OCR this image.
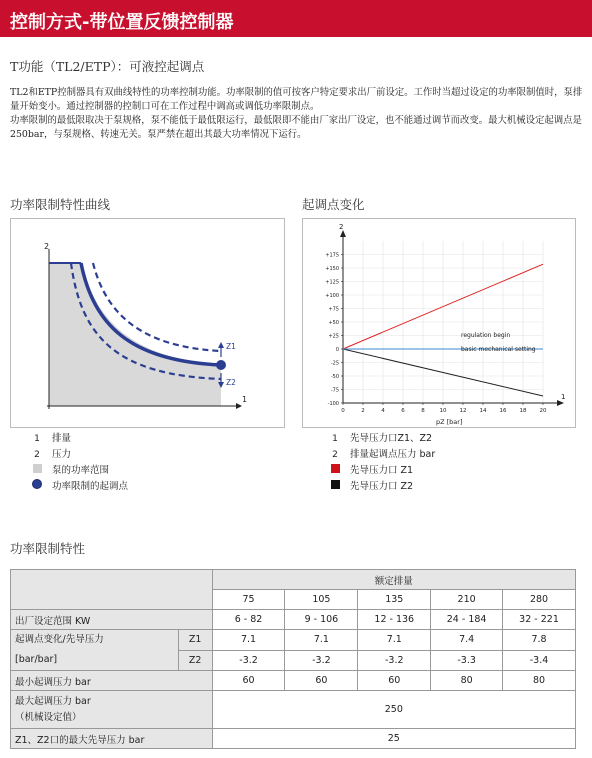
控制方式-带位置反馈控制器
T功能（TL2/ETP）：可液控起调点

TL2和ETP控制器具有双曲线特性的功率控制功能。功率限制的值可按客户特定要求出厂前设定。工作时当超过设定的功率限制值时，泵排量开始变小。通过控制器的控制口可在工作过程中调高或调低功率限制点。

功率限制的最低限取决于泵规格，泵不能低于最低限运行，最低限即不能由厂家出厂设定，也不能通过调节而改变。最大机械设定起调点是250bar，与泵规格、转速无关。泵严禁在超出其最大功率情况下运行。

功率限制特性曲线
2
1
Z1
Z2
1	排量
2	压力
泵的功率范围
功率限制的起调点
起调点变化
-100
-75
-50
-25
0
+25
+50
+75
+100
+125
+150
+175
0	2	4	6	8	10 12 14 16 18 20
2
1
pZ [bar]
regulation begin
basic mechanical setting
1	先导压力口Z1、Z2
2	排量起调点压力 bar
先导压力口 Z1
先导压力口 Z2
功率限制特性
		额定排量				
		75	105	135	210	280
出厂设定范围 KW		6 - 82	9 - 106	12 - 136	24 - 184	32 - 221

起调点变化/先导压力
[bar/bar]	Z1	7.1	7.1	7.1	7.4	7.8
	Z2	-3.2	-3.2	-3.2	-3.3	-3.4
最小起调压力 bar		60	60	60	80	80

最大起调压力 bar
（机械设定值）		250				
Z1、Z2口的最大先导压力 bar		25				
